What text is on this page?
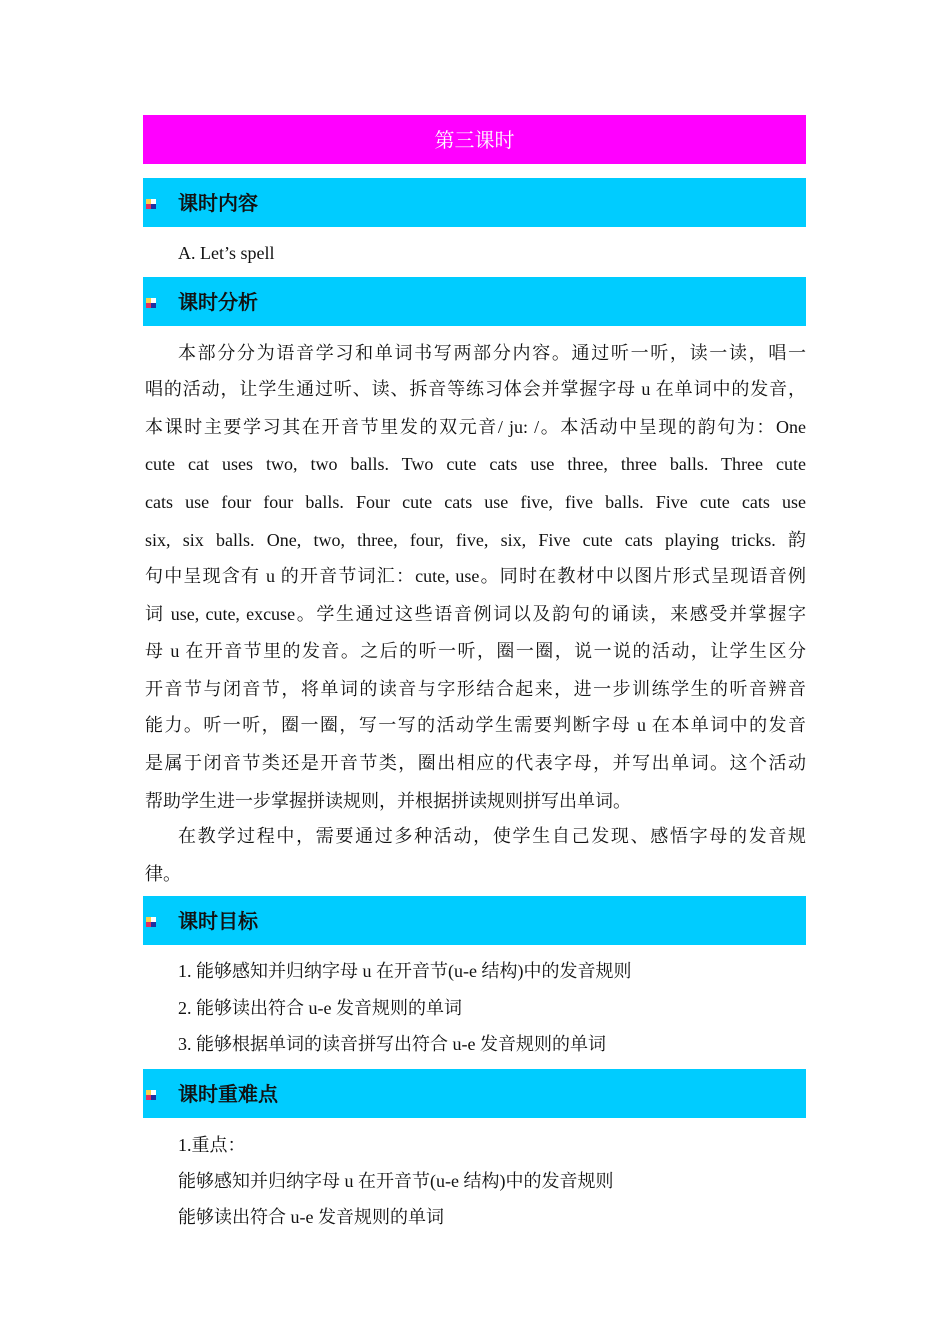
第三课时
课时内容
A. Let’s spell
课时分析
本部分分为语音学习和单词书写两部分内容。通过听一听，读一读，唱一
唱的活动，让学生通过听、读、拆音等练习体会并掌握字母 u 在单词中的发音，
本课时主要学习其在开音节里发的双元音/ ju: /。本活动中呈现的韵句为：One
cute cat uses two, two balls. Two cute cats use three, three balls. Three cute
cats use four four balls. Four cute cats use five, five balls. Five cute cats use
six, six balls. One, two, three, four, five, six, Five cute cats playing tricks. 韵
句中呈现含有 u 的开音节词汇：cute, use。同时在教材中以图片形式呈现语音例
词 use, cute, excuse。学生通过这些语音例词以及韵句的诵读，来感受并掌握字
母 u 在开音节里的发音。之后的听一听，圈一圈，说一说的活动，让学生区分
开音节与闭音节，将单词的读音与字形结合起来，进一步训练学生的听音辨音
能力。听一听，圈一圈，写一写的活动学生需要判断字母 u 在本单词中的发音
是属于闭音节类还是开音节类，圈出相应的代表字母，并写出单词。这个活动
帮助学生进一步掌握拼读规则，并根据拼读规则拼写出单词。
在教学过程中，需要通过多种活动，使学生自己发现、感悟字母的发音规
律。
课时目标
1. 能够感知并归纳字母 u 在开音节(u-e 结构)中的发音规则
2. 能够读出符合 u-e 发音规则的单词
3. 能够根据单词的读音拼写出符合 u-e 发音规则的单词
课时重难点
1.重点：
能够感知并归纳字母 u 在开音节(u-e 结构)中的发音规则
能够读出符合 u-e 发音规则的单词
